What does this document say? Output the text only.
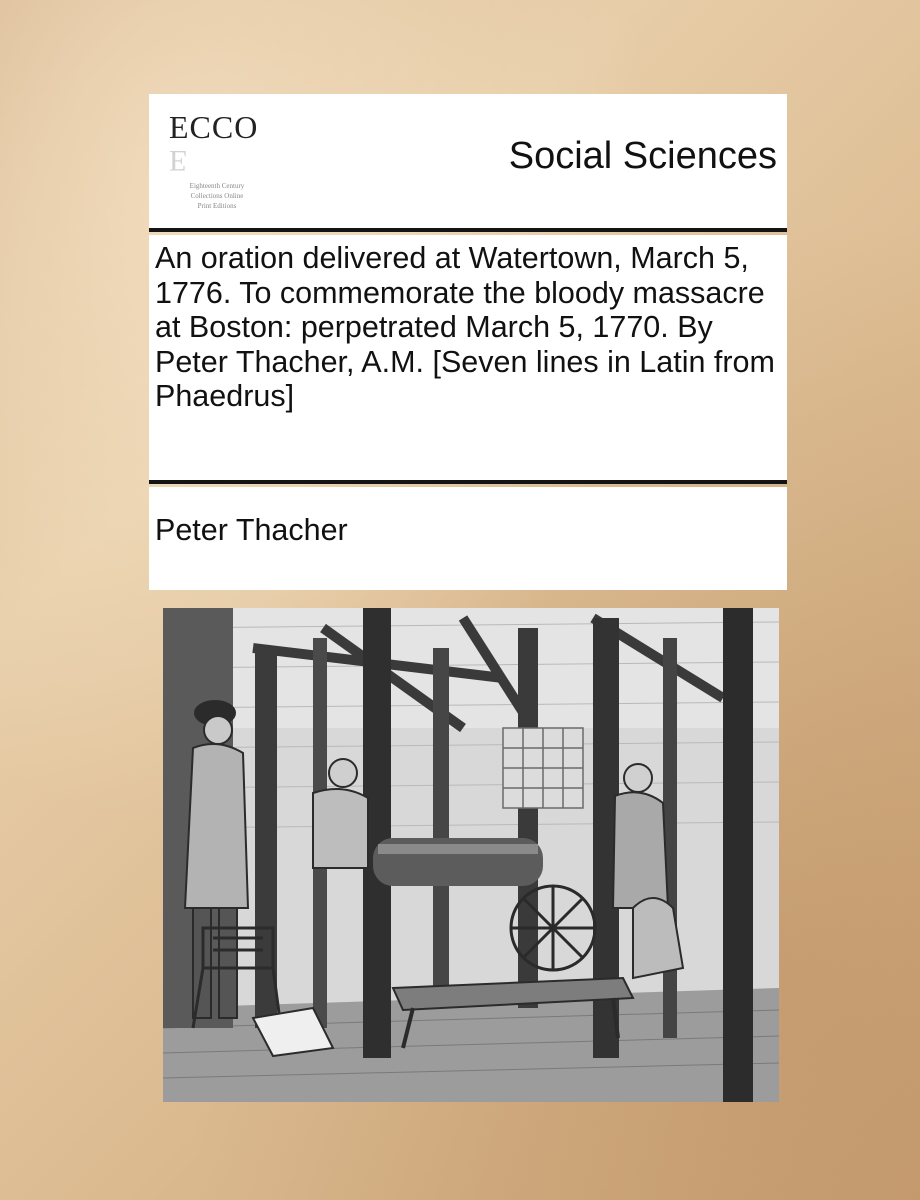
ECCO
E
Eighteenth Century
Collections Online
Print Editions
Social Sciences
An oration delivered at Watertown, March 5, 1776. To commemorate the bloody massacre at Boston: perpetrated March 5, 1770. By Peter Thacher, A.M. [Seven lines in Latin from Phaedrus]
Peter Thacher
